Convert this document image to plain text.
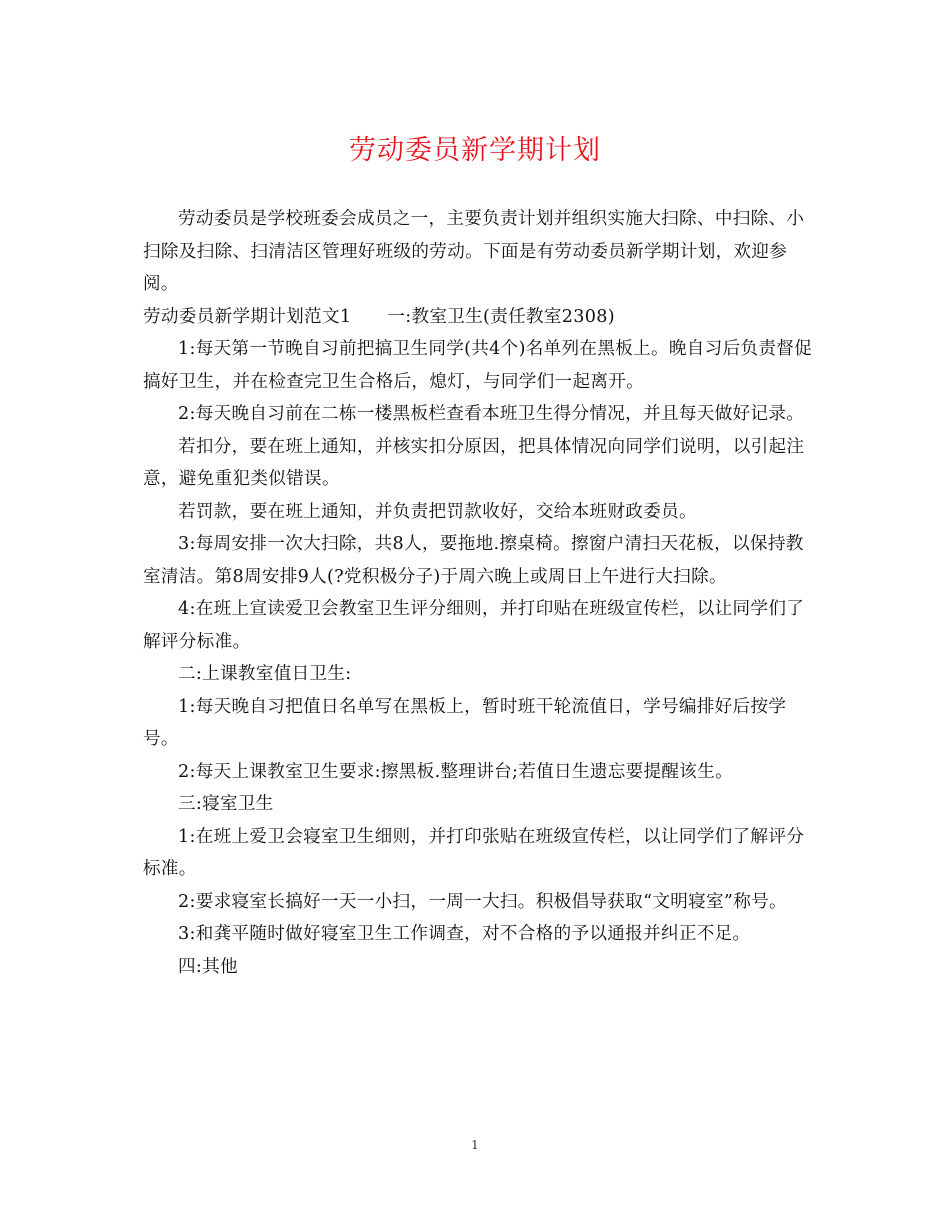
劳动委员新学期计划

劳动委员是学校班委会成员之一，主要负责计划并组织实施大扫除、中扫除、小扫除及扫除、扫清洁区管理好班级的劳动。下面是有劳动委员新学期计划，欢迎参阅。

劳动委员新学期计划范文1 一:教室卫生(责任教室2308)

1:每天第一节晚自习前把搞卫生同学(共4个)名单列在黑板上。晚自习后负责督促搞好卫生，并在检查完卫生合格后，熄灯，与同学们一起离开。

2:每天晚自习前在二栋一楼黑板栏查看本班卫生得分情况，并且每天做好记录。

若扣分，要在班上通知，并核实扣分原因，把具体情况向同学们说明，以引起注意，避免重犯类似错误。

若罚款，要在班上通知，并负责把罚款收好，交给本班财政委员。

3:每周安排一次大扫除，共8人，要拖地.擦桌椅。擦窗户清扫天花板，以保持教室清洁。第8周安排9人(?党积极分子)于周六晚上或周日上午进行大扫除。

4:在班上宣读爱卫会教室卫生评分细则，并打印贴在班级宣传栏，以让同学们了解评分标准。

二:上课教室值日卫生:

1:每天晚自习把值日名单写在黑板上，暂时班干轮流值日，学号编排好后按学号。

2:每天上课教室卫生要求:擦黑板.整理讲台;若值日生遗忘要提醒该生。

三:寝室卫生

1:在班上爱卫会寝室卫生细则，并打印张贴在班级宣传栏，以让同学们了解评分标准。

2:要求寝室长搞好一天一小扫，一周一大扫。积极倡导获取“文明寝室”称号。

3:和龚平随时做好寝室卫生工作调查，对不合格的予以通报并纠正不足。

四:其他

1
